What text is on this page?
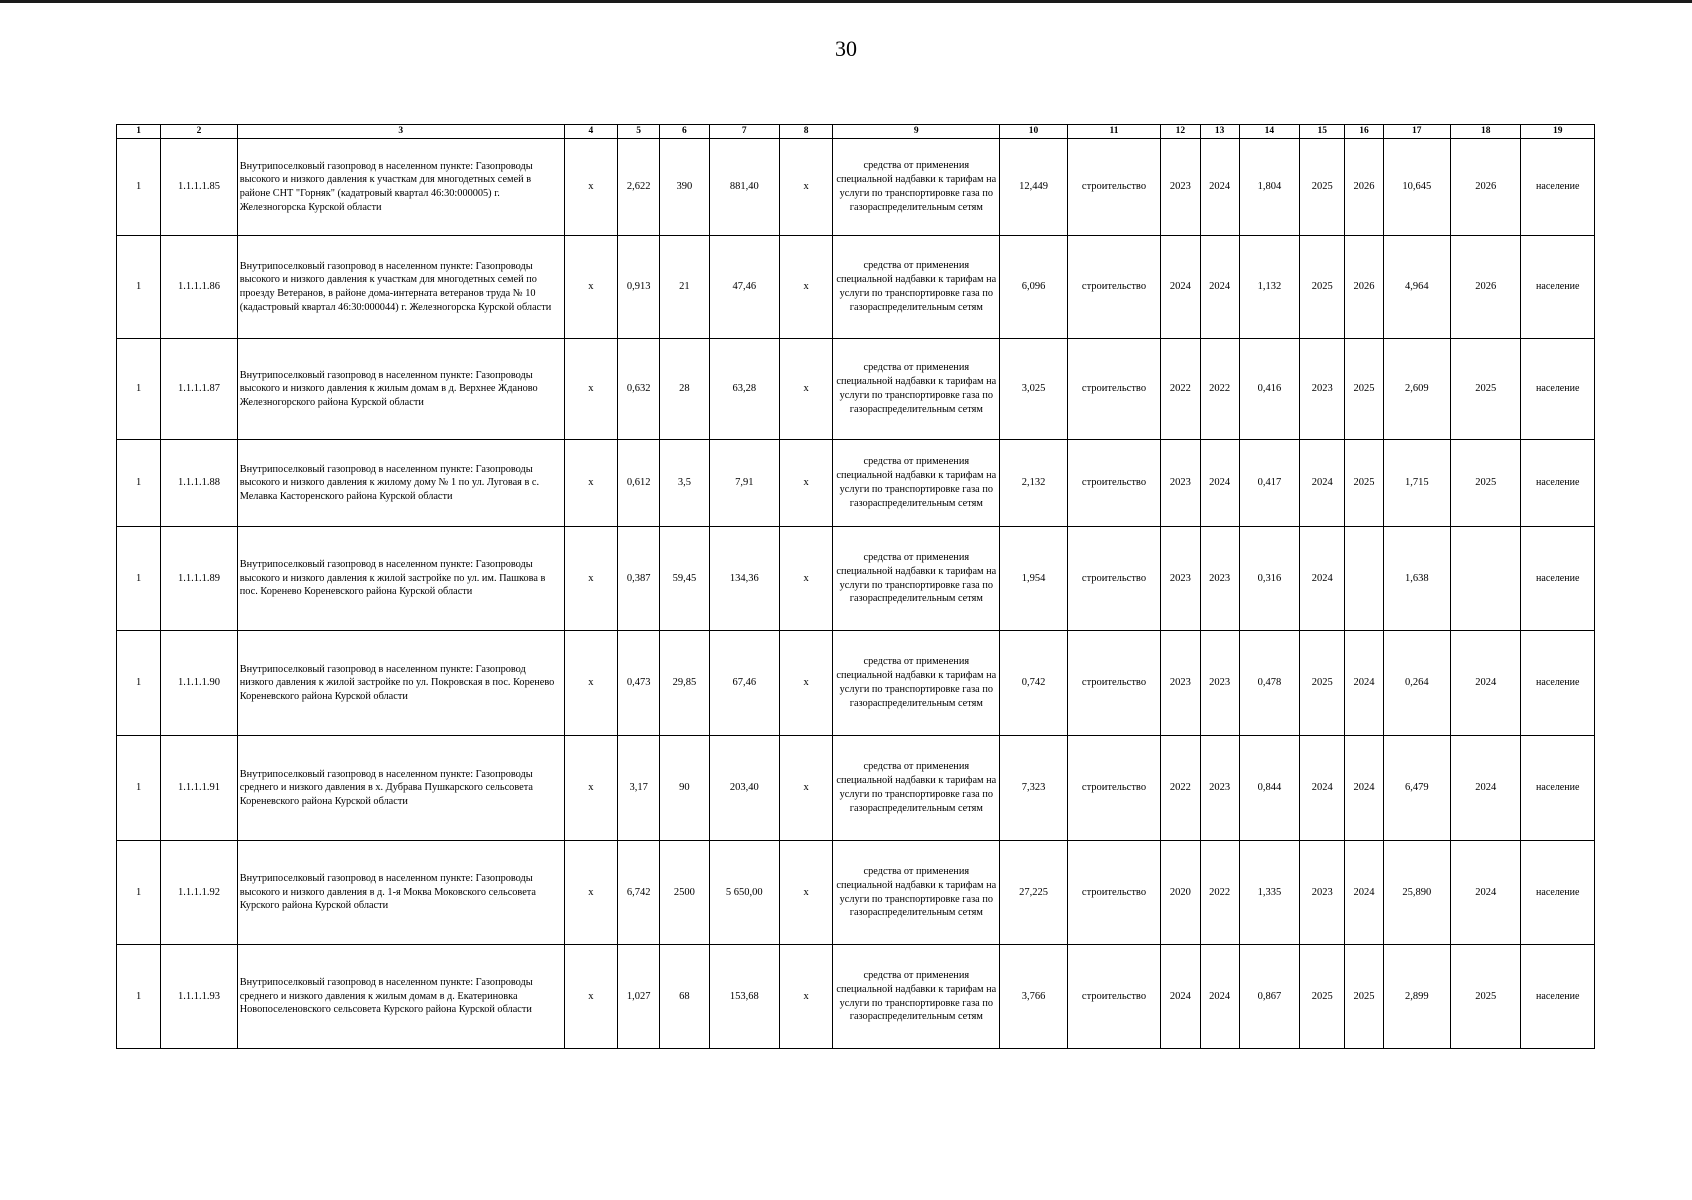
30
1	2	3	4	5	6	7	8	9	10	11	12	13	14	15	16	17	18	19
1	1.1.1.1.85	Внутрипоселковый газопровод в населенном пункте: Газопроводы высокого и низкого давления к участкам для многодетных семей в районе СНТ "Горняк" (кадатровый квартал 46:30:000005) г. Железногорска Курской области	х	2,622	390	881,40	х	средства от применения специальной надбавки к тарифам на услуги по транспортировке газа по газораспределительным сетям	12,449	строительство	2023	2024	1,804	2025	2026	10,645	2026	население
1	1.1.1.1.86	Внутрипоселковый газопровод в населенном пункте: Газопроводы высокого и низкого давления к участкам для многодетных семей по проезду Ветеранов, в районе дома-интерната ветеранов труда № 10 (кадастровый квартал 46:30:000044) г. Железногорска Курской области	х	0,913	21	47,46	х	средства от применения специальной надбавки к тарифам на услуги по транспортировке газа по газораспределительным сетям	6,096	строительство	2024	2024	1,132	2025	2026	4,964	2026	население
1	1.1.1.1.87	Внутрипоселковый газопровод в населенном пункте: Газопроводы высокого и низкого давления к жилым домам в д. Верхнее Жданово Железногорского района Курской области	х	0,632	28	63,28	х	средства от применения специальной надбавки к тарифам на услуги по транспортировке газа по газораспределительным сетям	3,025	строительство	2022	2022	0,416	2023	2025	2,609	2025	население
1	1.1.1.1.88	Внутрипоселковый газопровод в населенном пункте: Газопроводы высокого и низкого давления к жилому дому № 1 по ул. Луговая в с. Мелавка Касторенского района Курской области	х	0,612	3,5	7,91	х	средства от применения специальной надбавки к тарифам на услуги по транспортировке газа по газораспределительным сетям	2,132	строительство	2023	2024	0,417	2024	2025	1,715	2025	население
1	1.1.1.1.89	Внутрипоселковый газопровод в населенном пункте: Газопроводы высокого и низкого давления к жилой застройке по ул. им. Пашкова в пос. Коренево Кореневского района Курской области	х	0,387	59,45	134,36	х	средства от применения специальной надбавки к тарифам на услуги по транспортировке газа по газораспределительным сетям	1,954	строительство	2023	2023	0,316	2024		1,638		население
1	1.1.1.1.90	Внутрипоселковый газопровод в населенном пункте: Газопровод низкого давления к жилой застройке по ул. Покровская в пос. Коренево Кореневского района Курской области	х	0,473	29,85	67,46	х	средства от применения специальной надбавки к тарифам на услуги по транспортировке газа по газораспределительным сетям	0,742	строительство	2023	2023	0,478	2025	2024	0,264	2024	население
1	1.1.1.1.91	Внутрипоселковый газопровод в населенном пункте: Газопроводы среднего и низкого давления в х. Дубрава Пушкарского сельсовета Кореневского района Курской области	х	3,17	90	203,40	х	средства от применения специальной надбавки к тарифам на услуги по транспортировке газа по газораспределительным сетям	7,323	строительство	2022	2023	0,844	2024	2024	6,479	2024	население
1	1.1.1.1.92	Внутрипоселковый газопровод в населенном пункте: Газопроводы высокого и низкого давления в д. 1-я Моква Моковского сельсовета Курского района Курской области	х	6,742	2500	5 650,00	х	средства от применения специальной надбавки к тарифам на услуги по транспортировке газа по газораспределительным сетям	27,225	строительство	2020	2022	1,335	2023	2024	25,890	2024	население
1	1.1.1.1.93	Внутрипоселковый газопровод в населенном пункте: Газопроводы среднего и низкого давления к жилым домам в д. Екатериновка Новопоселеновского сельсовета Курского района Курской области	х	1,027	68	153,68	х	средства от применения специальной надбавки к тарифам на услуги по транспортировке газа по газораспределительным сетям	3,766	строительство	2024	2024	0,867	2025	2025	2,899	2025	население
